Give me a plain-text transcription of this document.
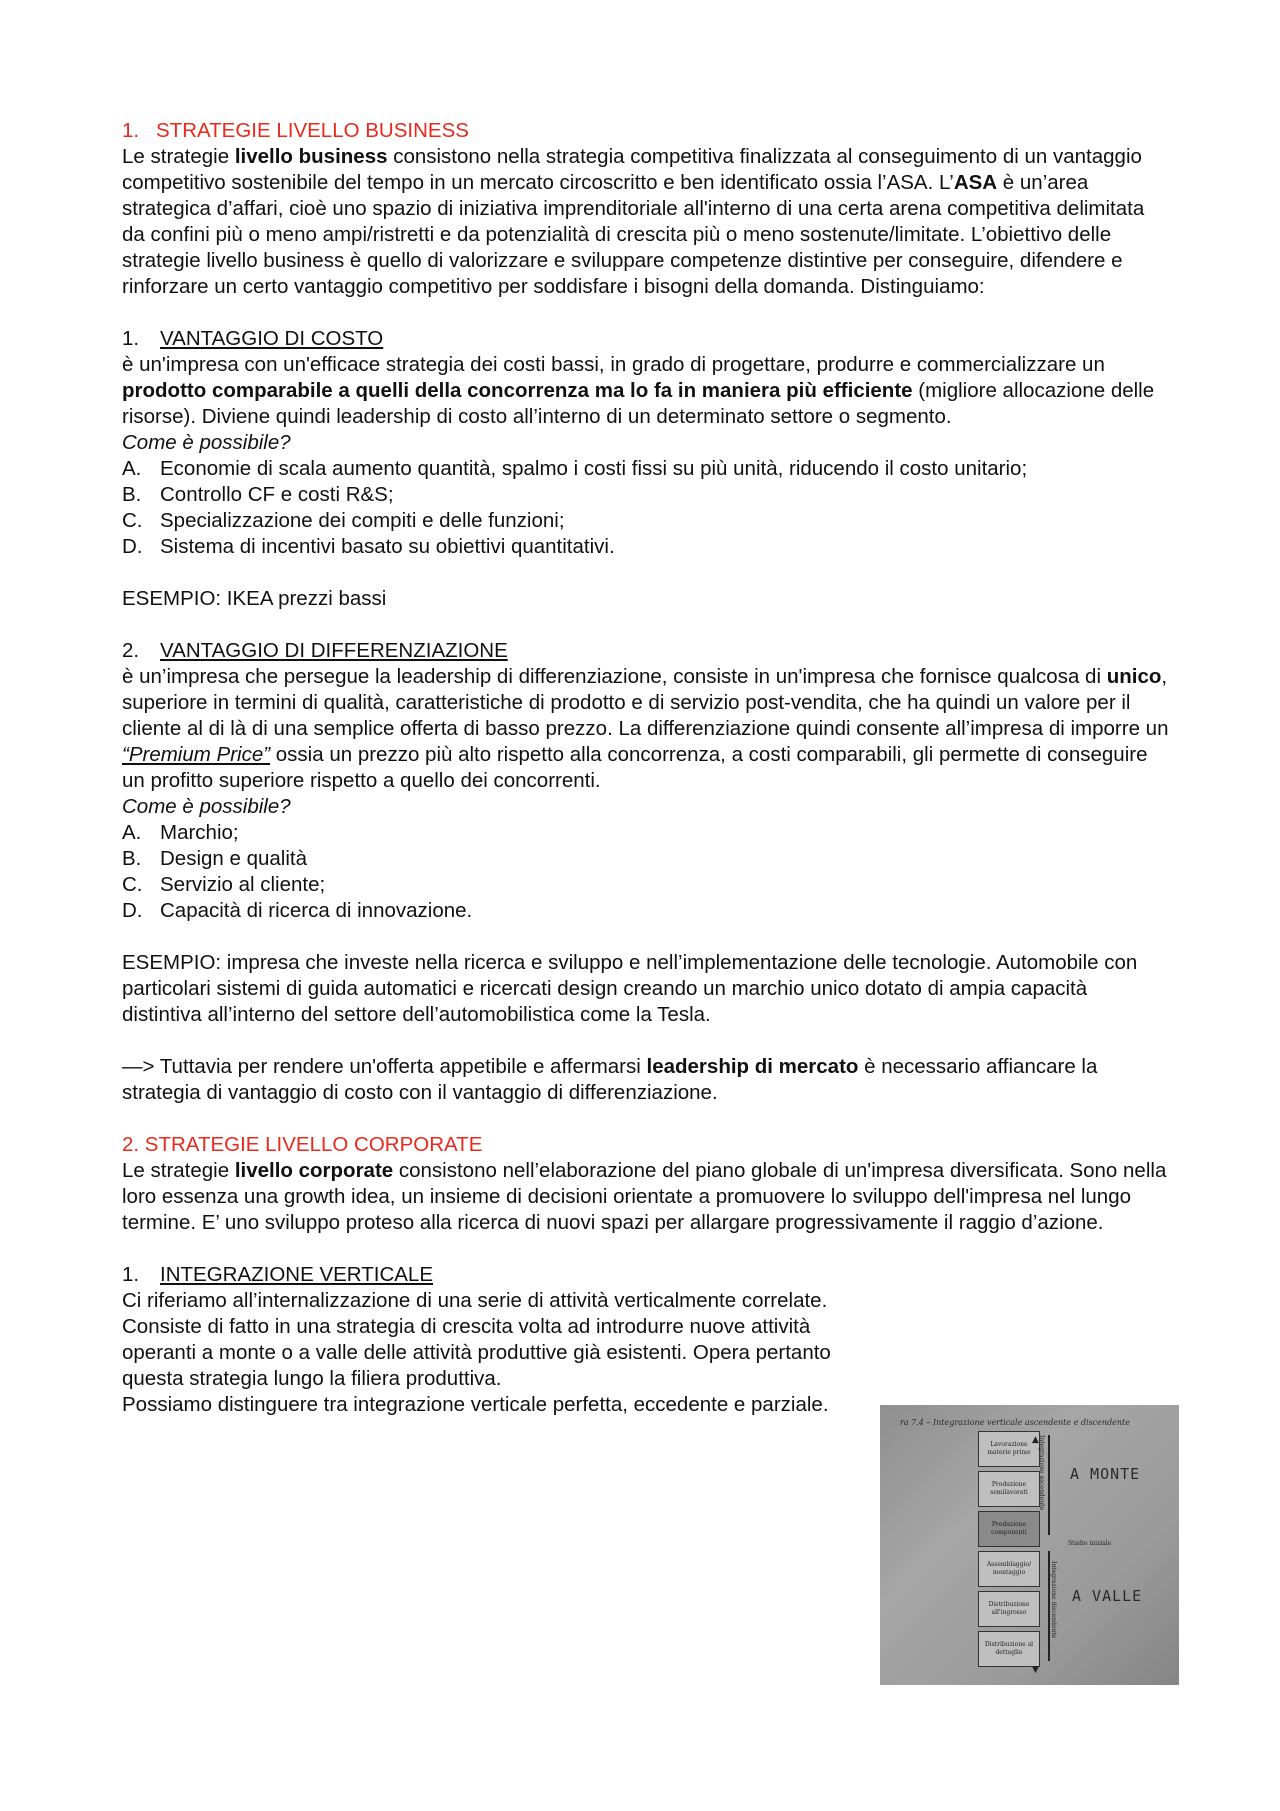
1. STRATEGIE LIVELLO BUSINESS

Le strategie livello business consistono nella strategia competitiva finalizzata al conseguimento di un vantaggio competitivo sostenibile del tempo in un mercato circoscritto e ben identificato ossia l’ASA. L’ASA è un’area strategica d’affari, cioè uno spazio di iniziativa imprenditoriale all'interno di una certa arena competitiva delimitata da confini più o meno ampi/ristretti e da potenzialità di crescita più o meno sostenute/limitate. L’obiettivo delle strategie livello business è quello di valorizzare e sviluppare competenze distintive per conseguire, difendere e rinforzare un certo vantaggio competitivo per soddisfare i bisogni della domanda. Distinguiamo:

1. VANTAGGIO DI COSTO

è un'impresa con un'efficace strategia dei costi bassi, in grado di progettare, produrre e commercializzare un prodotto comparabile a quelli della concorrenza ma lo fa in maniera più efficiente (migliore allocazione delle risorse). Diviene quindi leadership di costo all’interno di un determinato settore o segmento.

Come è possibile?

A. Economie di scala aumento quantità, spalmo i costi fissi su più unità, riducendo il costo unitario;
B. Controllo CF e costi R&S;
C. Specializzazione dei compiti e delle funzioni;
D. Sistema di incentivi basato su obiettivi quantitativi.

ESEMPIO: IKEA prezzi bassi

2. VANTAGGIO DI DIFFERENZIAZIONE

è un’impresa che persegue la leadership di differenziazione, consiste in un'impresa che fornisce qualcosa di unico, superiore in termini di qualità, caratteristiche di prodotto e di servizio post-vendita, che ha quindi un valore per il cliente al di là di una semplice offerta di basso prezzo. La differenziazione quindi consente all’impresa di imporre un “Premium Price” ossia un prezzo più alto rispetto alla concorrenza, a costi comparabili, gli permette di conseguire un profitto superiore rispetto a quello dei concorrenti.

Come è possibile?

A. Marchio;
B. Design e qualità
C. Servizio al cliente;
D. Capacità di ricerca di innovazione.

ESEMPIO: impresa che investe nella ricerca e sviluppo e nell’implementazione delle tecnologie. Automobile con particolari sistemi di guida automatici e ricercati design creando un marchio unico dotato di ampia capacità distintiva all’interno del settore dell’automobilistica come la Tesla.

—> Tuttavia per rendere un'offerta appetibile e affermarsi leadership di mercato è necessario affiancare la strategia di vantaggio di costo con il vantaggio di differenziazione.

2. STRATEGIE LIVELLO CORPORATE

Le strategie livello corporate consistono nell’elaborazione del piano globale di un'impresa diversificata. Sono nella loro essenza una growth idea, un insieme di decisioni orientate a promuovere lo sviluppo dell'impresa nel lungo termine. E’ uno sviluppo proteso alla ricerca di nuovi spazi per allargare progressivamente il raggio d’azione.

1. INTEGRAZIONE VERTICALE

Ci riferiamo all’internalizzazione di una serie di attività verticalmente correlate. Consiste di fatto in una strategia di crescita volta ad introdurre nuove attività operanti a monte o a valle delle attività produttive già esistenti. Opera pertanto questa strategia lungo la filiera produttiva.

Possiamo distinguere tra integrazione verticale perfetta, eccedente e parziale.

ra 7.4 – Integrazione verticale ascendente e discendente
Lavorazione materie prime
Produzione semilavorati
Produzione componenti
Assemblaggio/ montaggio
Distribuzione all'ingrosso
Distribuzione al dettaglio
▲
▼
Integrazione ascendente
Stadio iniziale
Integrazione discendente
A MONTE
A VALLE
